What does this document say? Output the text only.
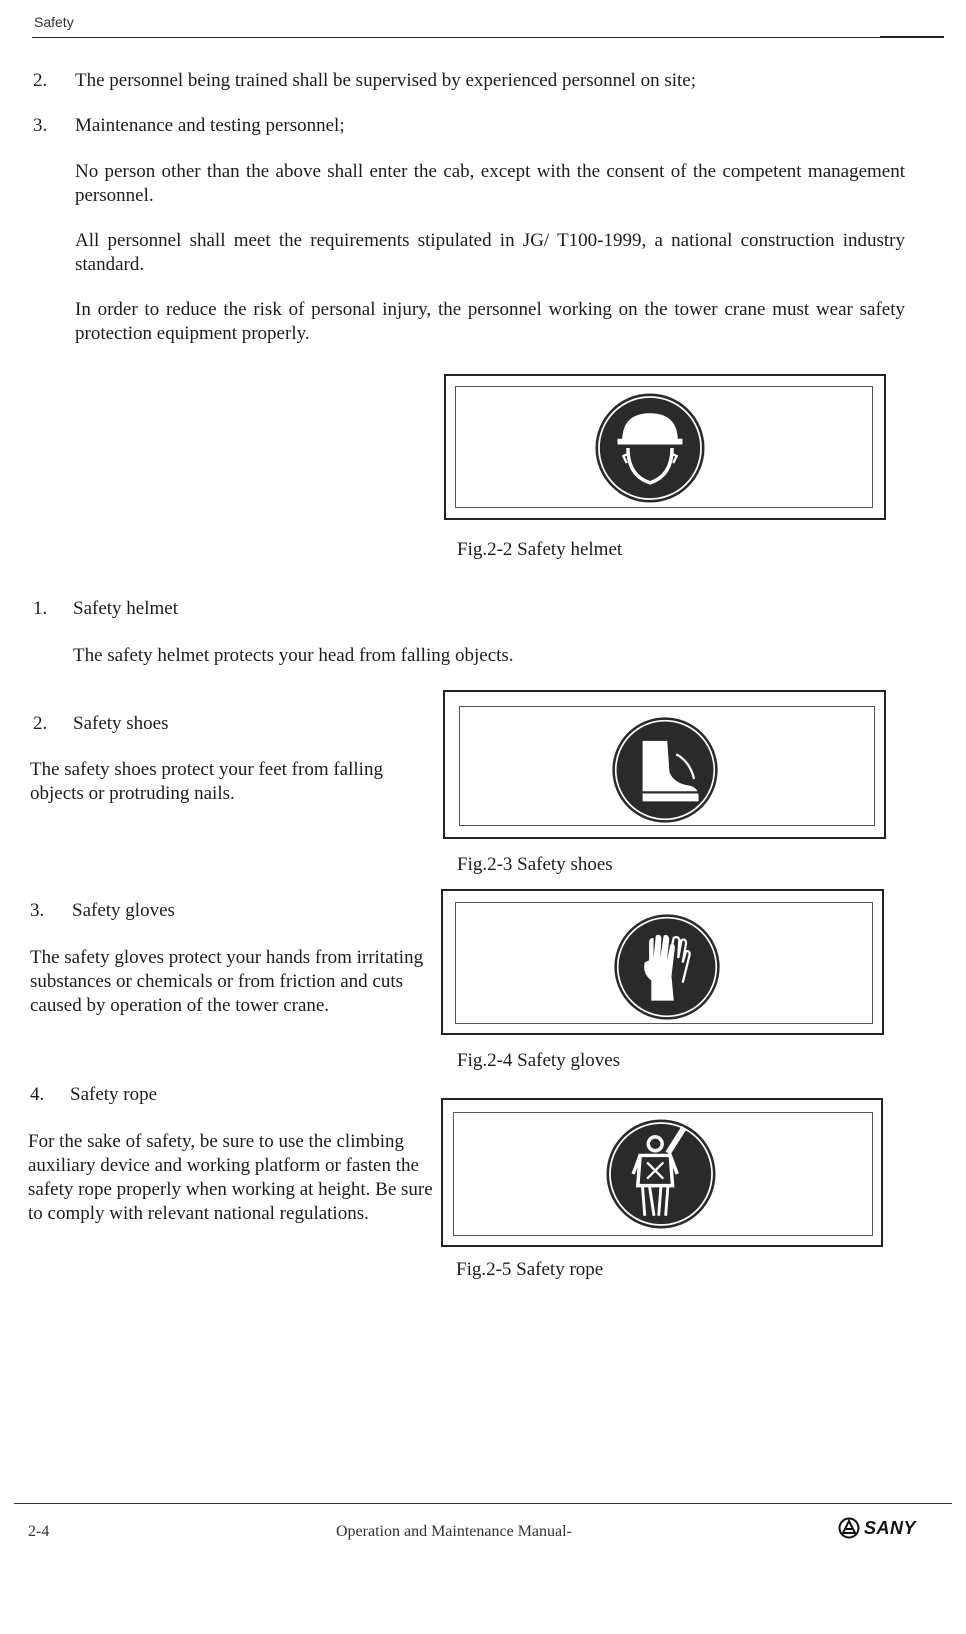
Safety
2.	The personnel being trained shall be supervised by experienced personnel on site;
3.	Maintenance and testing personnel;
No person other than the above shall enter the cab, except with the consent of the competent management personnel.
All personnel shall meet the requirements stipulated in JG/ T100-1999, a national construction industry standard.
In order to reduce the risk of personal injury, the personnel working on the tower crane must wear safety protection equipment properly.
Fig.2-2 Safety helmet
1.	Safety helmet
The safety helmet protects your head from falling objects.
2.	Safety shoes
The safety shoes protect your feet from falling objects or protruding nails.
Fig.2-3 Safety shoes
3.	Safety gloves
The safety gloves protect your hands from irritating substances or chemicals or from friction and cuts caused by operation of the tower crane.
Fig.2-4 Safety gloves
4.	Safety rope
For the sake of safety, be sure to use the climbing auxiliary device and working platform or fasten the safety rope properly when working at height. Be sure to comply with relevant national regulations.
Fig.2-5 Safety rope
2-4	Operation and Maintenance Manual-	SANY
